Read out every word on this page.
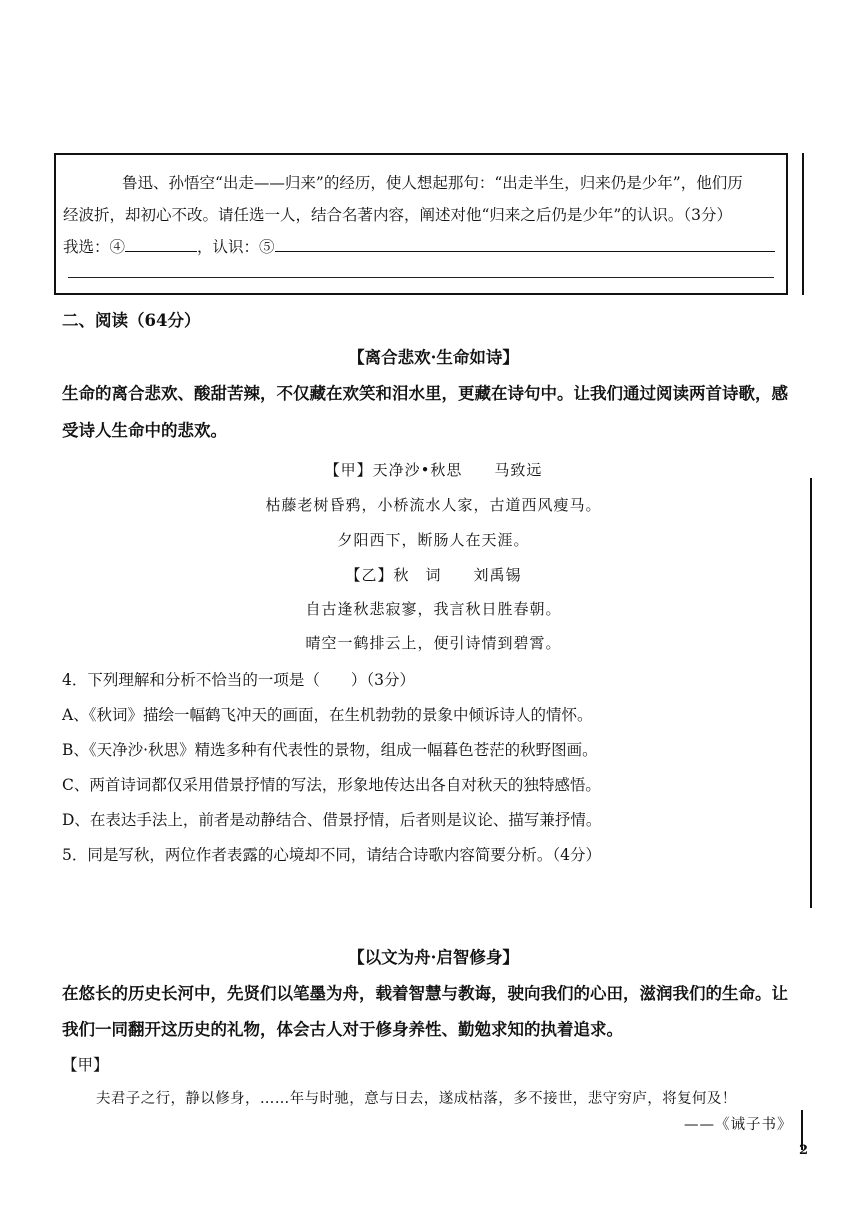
鲁迅、孙悟空“出走——归来”的经历，使人想起那句：“出走半生，归来仍是少年”，他们历
经波折，却初心不改。请任选一人，结合名著内容，阐述对他“归来之后仍是少年”的认识。（3分）
我选：④	，认识：⑤
二、阅读（64分）
【离合悲欢·生命如诗】
生命的离合悲欢、酸甜苦辣，不仅藏在欢笑和泪水里，更藏在诗句中。让我们通过阅读两首诗歌，感
受诗人生命中的悲欢。
【甲】天净沙•秋思　　马致远
枯藤老树昏鸦，小桥流水人家，古道西风瘦马。
夕阳西下，断肠人在天涯。
【乙】秋　词　　刘禹锡
自古逢秋悲寂寥，我言秋日胜春朝。
晴空一鹤排云上，便引诗情到碧霄。
4．下列理解和分析不恰当的一项是（　　）（3分）
A、《秋词》描绘一幅鹤飞冲天的画面，在生机勃勃的景象中倾诉诗人的情怀。
B、《天净沙·秋思》精选多种有代表性的景物，组成一幅暮色苍茫的秋野图画。
C、两首诗词都仅采用借景抒情的写法，形象地传达出各自对秋天的独特感悟。
D、在表达手法上，前者是动静结合、借景抒情，后者则是议论、描写兼抒情。
5．同是写秋，两位作者表露的心境却不同，请结合诗歌内容简要分析。（4分）
【以文为舟·启智修身】
在悠长的历史长河中，先贤们以笔墨为舟，载着智慧与教诲，驶向我们的心田，滋润我们的生命。让
我们一同翻开这历史的礼物，体会古人对于修身养性、勤勉求知的执着追求。
【甲】
夫君子之行，静以修身，……年与时驰，意与日去，遂成枯落，多不接世，悲守穷庐，将复何及！
——《诫子书》
2
